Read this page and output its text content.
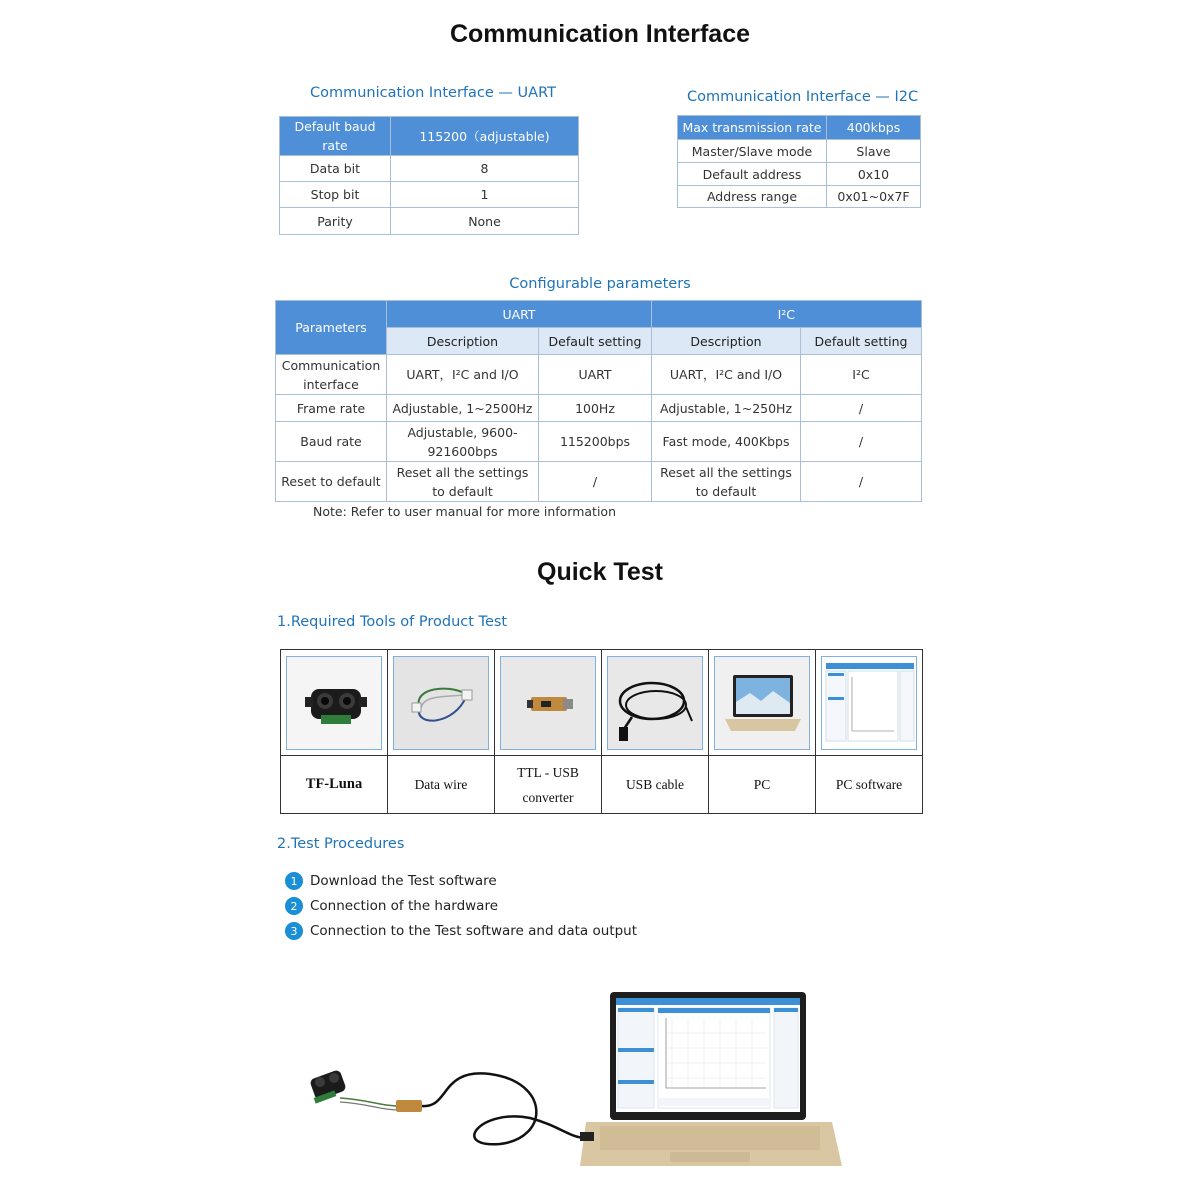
Communication Interface
Communication Interface — UART
Default baud rate	115200（adjustable)
Data bit	8
Stop bit	1
Parity	None
Communication Interface — I2C
Max transmission rate	400kbps
Master/Slave mode	Slave
Default address	0x10
Address range	0x01~0x7F
Configurable parameters
Parameters	UART		I²C	
	Description	Default setting	Description	Default setting
Communication interface	UART，I²C and I/O	UART	UART，I²C and I/O	I²C
Frame rate	Adjustable, 1~2500Hz	100Hz	Adjustable, 1~250Hz	/
Baud rate	Adjustable, 9600-921600bps	115200bps	Fast mode, 400Kbps	/
Reset to default	Reset all the settings to default	/	Reset all the settings to default	/
Note: Refer to user manual for more information
Quick Test
1.Required Tools of Product Test

TF-Luna	Data wire	TTL - USB converter	USB cable	PC	PC software
2.Test Procedures
1 Download the Test software
2 Connection of the hardware
3 Connection to the Test software and data output
